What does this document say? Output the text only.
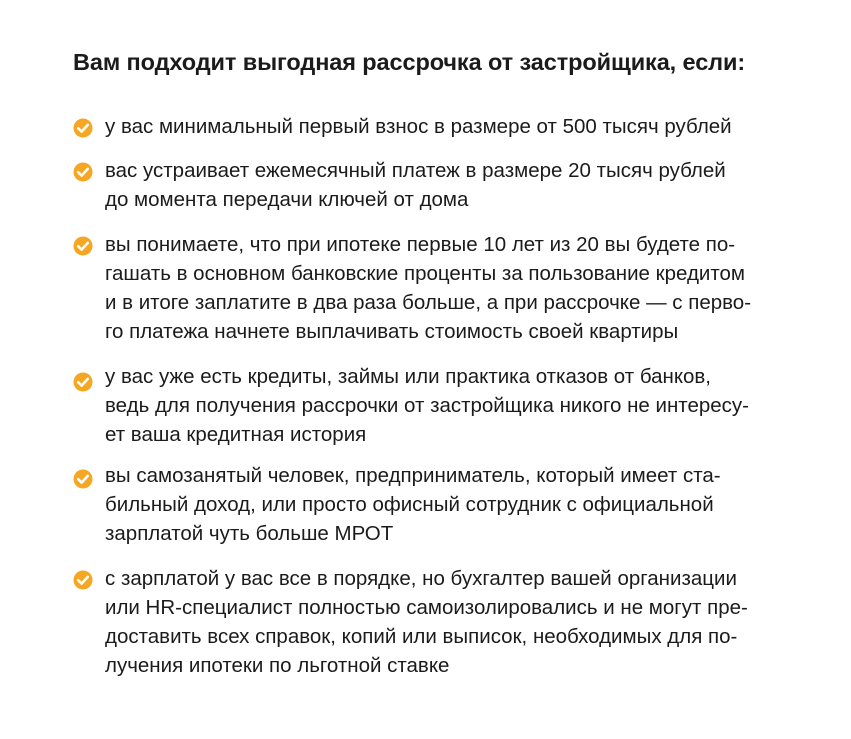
Вам подходит выгодная рассрочка от застройщика, если:
у вас минимальный первый взнос в размере от 500 тысяч рублей
вас устраивает ежемесячный платеж в размере 20 тысяч рублей
до момента передачи ключей от дома
вы понимаете, что при ипотеке первые 10 лет из 20 вы будете по-
гашать в основном банковские проценты за пользование кредитом
и в итоге заплатите в два раза больше, а при рассрочке — с перво-
го платежа начнете выплачивать стоимость своей квартиры
у вас уже есть кредиты, займы или практика отказов от банков,
ведь для получения рассрочки от застройщика никого не интересу-
ет ваша кредитная история
вы самозанятый человек, предприниматель, который имеет ста-
бильный доход, или просто офисный сотрудник с официальной
зарплатой чуть больше МРОТ
с зарплатой у вас все в порядке, но бухгалтер вашей организации
или HR-специалист полностью самоизолировались и не могут пре-
доставить всех справок, копий или выписок, необходимых для по-
лучения ипотеки по льготной ставке
